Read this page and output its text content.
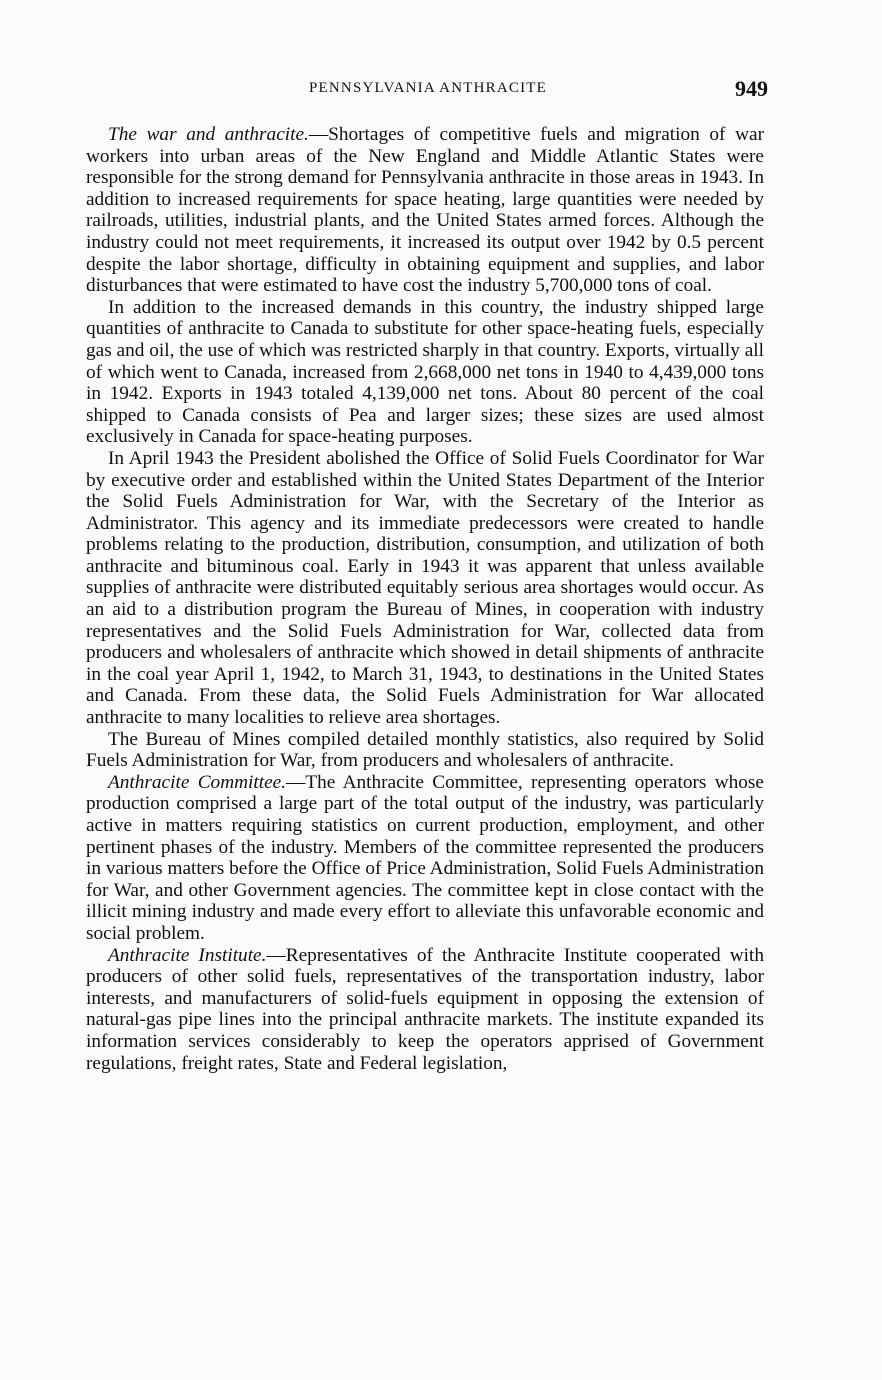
PENNSYLVANIA ANTHRACITE	949

The war and anthracite.—Shortages of competitive fuels and migration of war workers into urban areas of the New England and Middle Atlantic States were responsible for the strong demand for Pennsylvania anthracite in those areas in 1943. In addition to increased requirements for space heating, large quantities were needed by railroads, utilities, industrial plants, and the United States armed forces. Although the industry could not meet requirements, it increased its output over 1942 by 0.5 percent despite the labor shortage, difficulty in obtaining equipment and supplies, and labor disturbances that were estimated to have cost the industry 5,700,000 tons of coal.

In addition to the increased demands in this country, the industry shipped large quantities of anthracite to Canada to substitute for other space-heating fuels, especially gas and oil, the use of which was restricted sharply in that country. Exports, virtually all of which went to Canada, increased from 2,668,000 net tons in 1940 to 4,439,000 tons in 1942. Exports in 1943 totaled 4,139,000 net tons. About 80 percent of the coal shipped to Canada consists of Pea and larger sizes; these sizes are used almost exclusively in Canada for space-heating purposes.

In April 1943 the President abolished the Office of Solid Fuels Coordinator for War by executive order and established within the United States Department of the Interior the Solid Fuels Administration for War, with the Secretary of the Interior as Administrator. This agency and its immediate predecessors were created to handle problems relating to the production, distribution, consumption, and utilization of both anthracite and bituminous coal. Early in 1943 it was apparent that unless available supplies of anthracite were distributed equitably serious area shortages would occur. As an aid to a distribution program the Bureau of Mines, in cooperation with industry representatives and the Solid Fuels Administration for War, collected data from producers and wholesalers of anthracite which showed in detail shipments of anthracite in the coal year April 1, 1942, to March 31, 1943, to destinations in the United States and Canada. From these data, the Solid Fuels Administration for War allocated anthracite to many localities to relieve area shortages.

The Bureau of Mines compiled detailed monthly statistics, also required by Solid Fuels Administration for War, from producers and wholesalers of anthracite.

Anthracite Committee.—The Anthracite Committee, representing operators whose production comprised a large part of the total output of the industry, was particularly active in matters requiring statistics on current production, employment, and other pertinent phases of the industry. Members of the committee represented the producers in various matters before the Office of Price Administration, Solid Fuels Administration for War, and other Government agencies. The committee kept in close contact with the illicit mining industry and made every effort to alleviate this unfavorable economic and social problem.

Anthracite Institute.—Representatives of the Anthracite Institute cooperated with producers of other solid fuels, representatives of the transportation industry, labor interests, and manufacturers of solid-fuels equipment in opposing the extension of natural-gas pipe lines into the principal anthracite markets. The institute expanded its information services considerably to keep the operators apprised of Government regulations, freight rates, State and Federal legislation,
